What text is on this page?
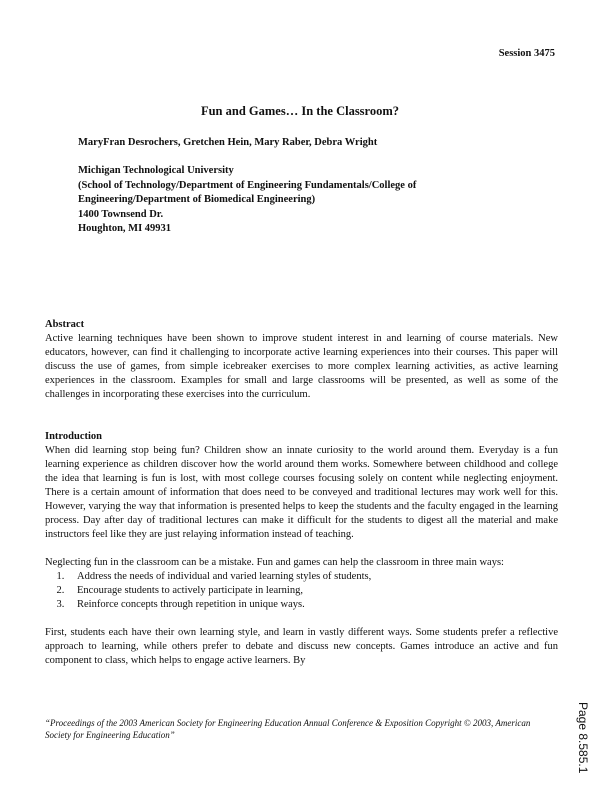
Session 3475
Fun and Games… In the Classroom?
MaryFran Desrochers, Gretchen Hein, Mary Raber, Debra Wright
Michigan Technological University
(School of Technology/Department of Engineering Fundamentals/College of
Engineering/Department of Biomedical Engineering)
1400 Townsend Dr.
Houghton, MI 49931

Abstract

Active learning techniques have been shown to improve student interest in and learning of course materials. New educators, however, can find it challenging to incorporate active learning experiences into their courses. This paper will discuss the use of games, from simple icebreaker exercises to more complex learning activities, as active learning experiences in the classroom. Examples for small and large classrooms will be presented, as well as some of the challenges in incorporating these exercises into the curriculum.

Introduction

When did learning stop being fun? Children show an innate curiosity to the world around them. Everyday is a fun learning experience as children discover how the world around them works. Somewhere between childhood and college the idea that learning is fun is lost, with most college courses focusing solely on content while neglecting enjoyment. There is a certain amount of information that does need to be conveyed and traditional lectures may work well for this. However, varying the way that information is presented helps to keep the students and the faculty engaged in the learning process. Day after day of traditional lectures can make it difficult for the students to digest all the material and make instructors feel like they are just relaying information instead of teaching.

Neglecting fun in the classroom can be a mistake. Fun and games can help the classroom in three main ways:

1. Address the needs of individual and varied learning styles of students,
2. Encourage students to actively participate in learning,
3. Reinforce concepts through repetition in unique ways.

First, students each have their own learning style, and learn in vastly different ways. Some students prefer a reflective approach to learning, while others prefer to debate and discuss new concepts. Games introduce an active and fun component to class, which helps to engage active learners. By

“Proceedings of the 2003 American Society for Engineering Education Annual Conference & Exposition Copyright © 2003, American Society for Engineering Education”	Page 8.585.1
